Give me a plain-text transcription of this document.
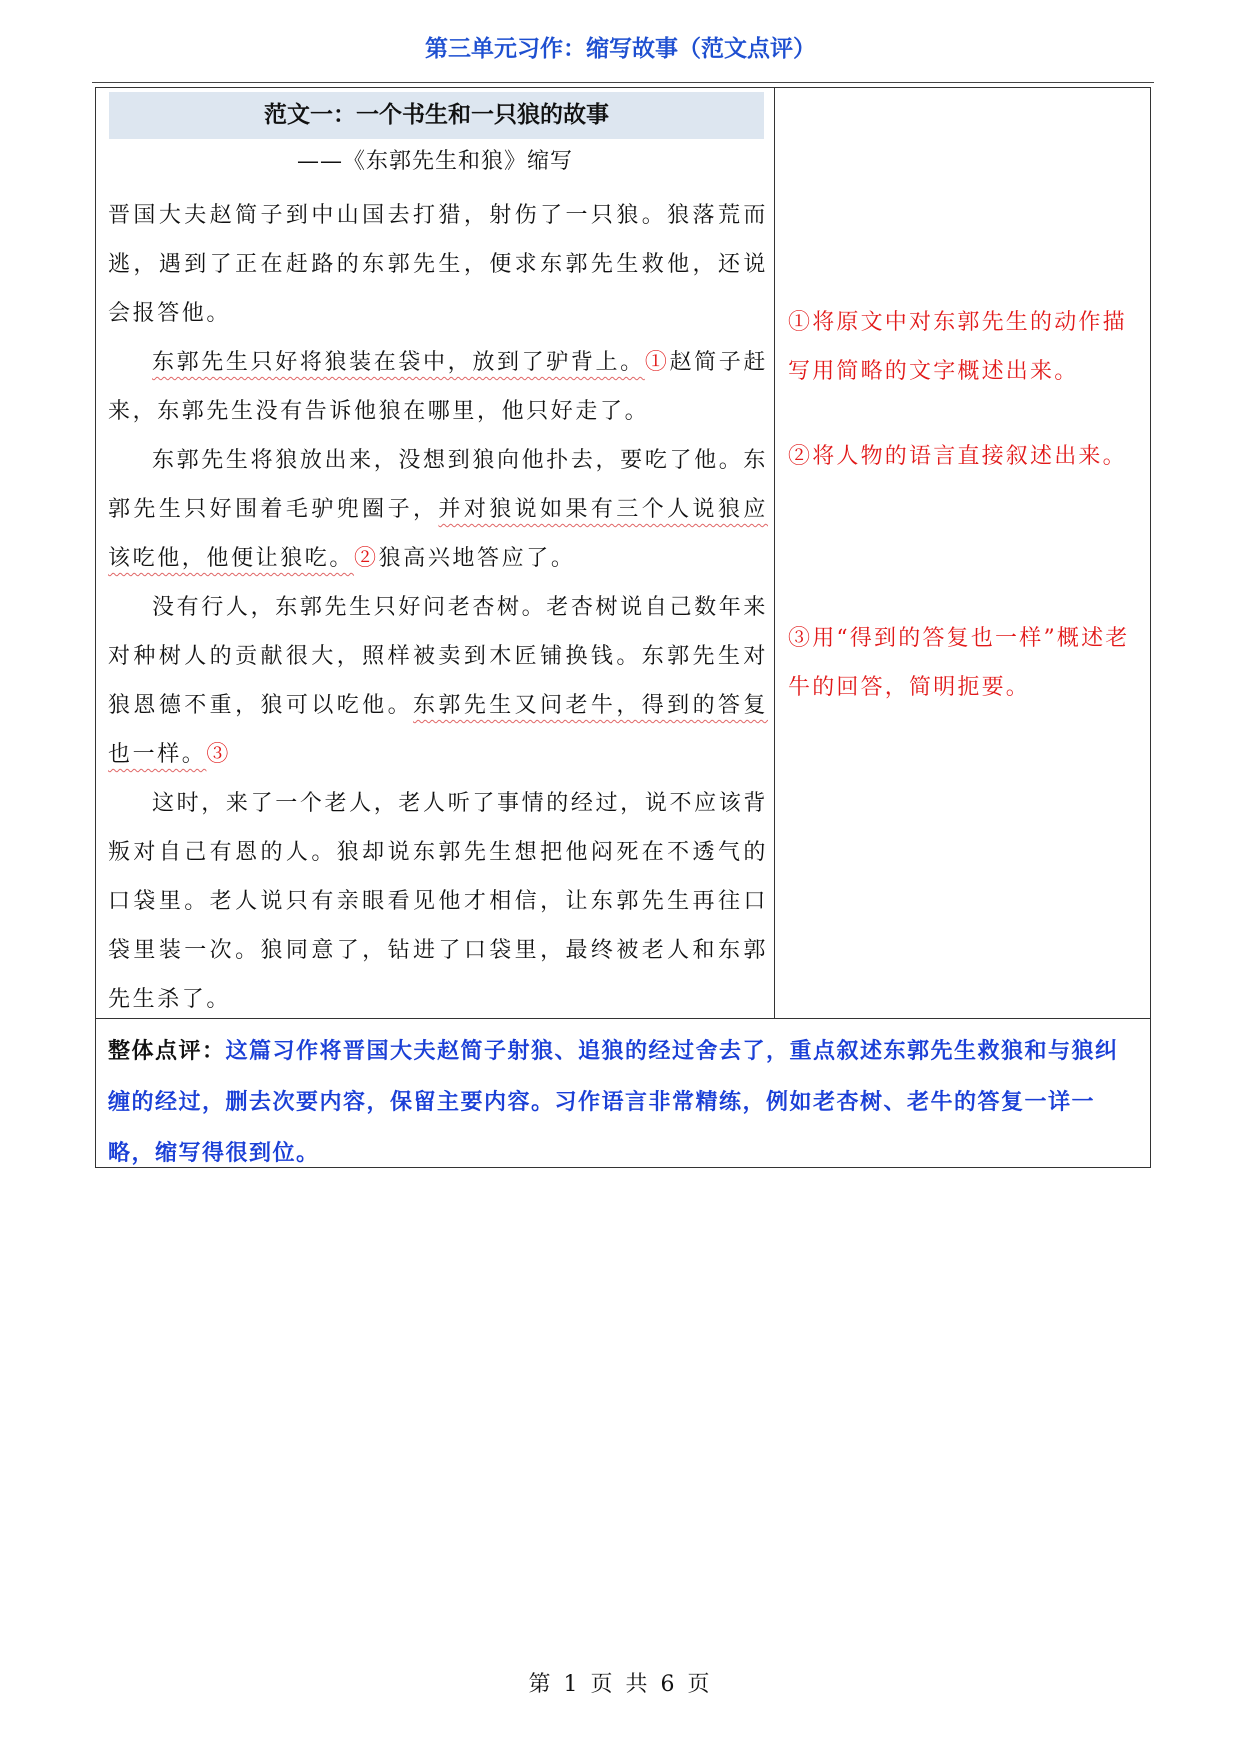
第三单元习作：缩写故事（范文点评）
范文一：一个书生和一只狼的故事
——《东郭先生和狼》缩写

晋国大夫赵简子到中山国去打猎，射伤了一只狼。狼落荒而逃，遇到了正在赶路的东郭先生，便求东郭先生救他，还说会报答他。

东郭先生只好将狼装在袋中，放到了驴背上。①赵简子赶来，东郭先生没有告诉他狼在哪里，他只好走了。

东郭先生将狼放出来，没想到狼向他扑去，要吃了他。东郭先生只好围着毛驴兜圈子，并对狼说如果有三个人说狼应该吃他，他便让狼吃。②狼高兴地答应了。

没有行人，东郭先生只好问老杏树。老杏树说自己数年来对种树人的贡献很大，照样被卖到木匠铺换钱。东郭先生对狼恩德不重，狼可以吃他。东郭先生又问老牛，得到的答复也一样。③

这时，来了一个老人，老人听了事情的经过，说不应该背叛对自己有恩的人。狼却说东郭先生想把他闷死在不透气的口袋里。老人说只有亲眼看见他才相信，让东郭先生再往口袋里装一次。狼同意了，钻进了口袋里，最终被老人和东郭先生杀了。

①将原文中对东郭先生的动作描写用简略的文字概述出来。
②将人物的语言直接叙述出来。
③用“得到的答复也一样”概述老牛的回答，简明扼要。
整体点评：这篇习作将晋国大夫赵简子射狼、追狼的经过舍去了，重点叙述东郭先生救狼和与狼纠缠的经过，删去次要内容，保留主要内容。习作语言非常精练，例如老杏树、老牛的答复一详一略，缩写得很到位。
第 1 页 共 6 页
